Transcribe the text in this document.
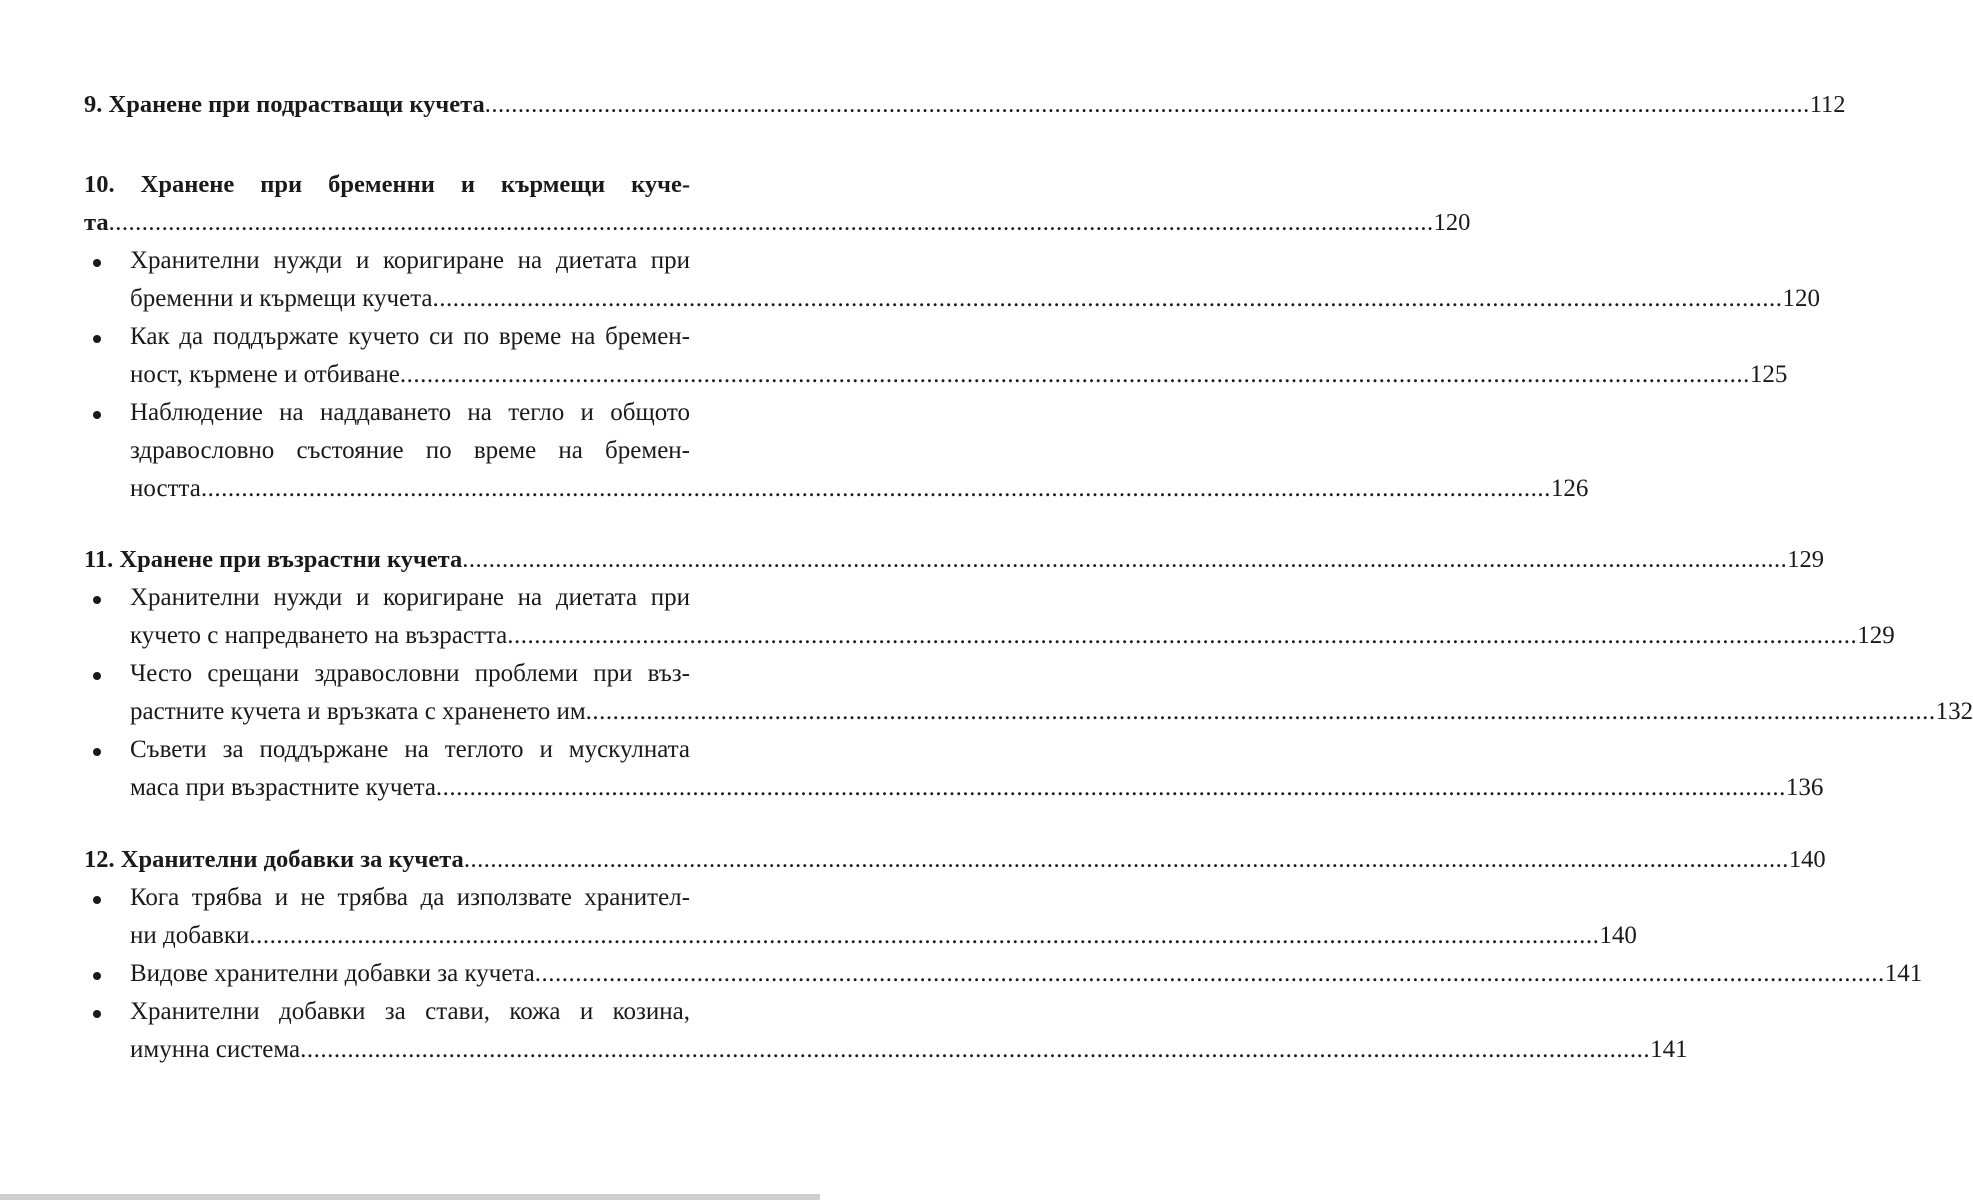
9. Хранене при подрастващи кучета ........................................................................................................................................................................................................ 112
10. Хранене при бременни и кърмещи куче-
та ........................................................................................................................................................................................................ 120
Хранителни нужди и коригиране на диетата при
бременни и кърмещи кучета ........................................................................................................................................................................................................ 120
Как да поддържате кучето си по време на бремен-
ност, кърмене и отбиване ........................................................................................................................................................................................................ 125
Наблюдение на наддаването на тегло и общото
здравословно състояние по време на бремен-
ността ........................................................................................................................................................................................................ 126
11. Хранене при възрастни кучета ........................................................................................................................................................................................................ 129
Хранителни нужди и коригиране на диетата при
кучето с напредването на възрастта ........................................................................................................................................................................................................ 129
Често срещани здравословни проблеми при въз-
растните кучета и връзката с храненето им ........................................................................................................................................................................................................ 132
Съвети за поддържане на теглото и мускулната
маса при възрастните кучета ........................................................................................................................................................................................................ 136
12. Хранителни добавки за кучета ........................................................................................................................................................................................................ 140
Кога трябва и не трябва да използвате хранител-
ни добавки ........................................................................................................................................................................................................ 140
Видове хранителни добавки за кучета ........................................................................................................................................................................................................ 141
Хранителни добавки за стави, кожа и козина,
имунна система ........................................................................................................................................................................................................ 141
